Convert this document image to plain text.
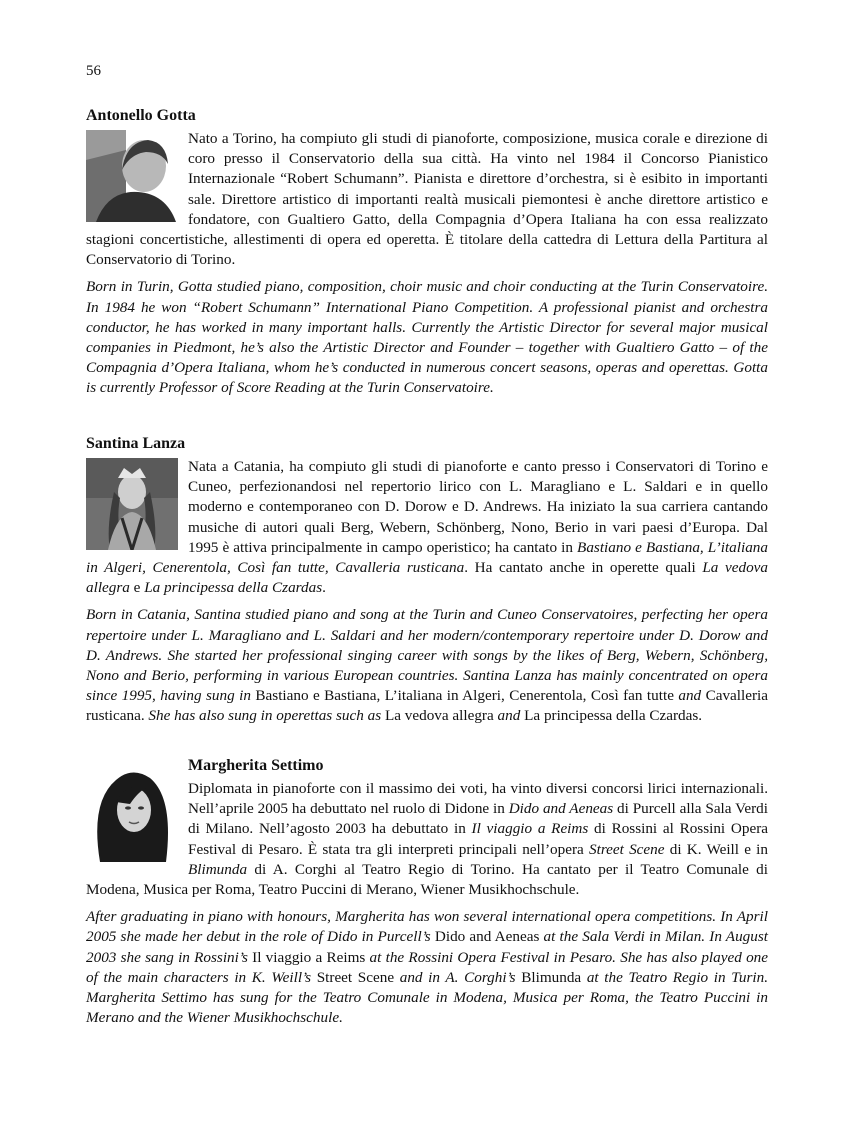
56

Antonello Gotta

Nato a Torino, ha compiuto gli studi di pianoforte, composizione, musica corale e direzione di coro presso il Conservatorio della sua città. Ha vinto nel 1984 il Concorso Pianistico Internazionale “Robert Schumann”. Pianista e direttore d’orchestra, si è esibito in importanti sale. Direttore artistico di importanti realtà musicali piemontesi è anche direttore artistico e fondatore, con Gualtiero Gatto, della Compagnia d’Opera Italiana ha con essa realizzato stagioni concertistiche, allestimenti di opera ed operetta. È titolare della cattedra di Lettura della Partitura al Conservatorio di Torino.

Born in Turin, Gotta studied piano, composition, choir music and choir conducting at the Turin Conservatoire. In 1984 he won “Robert Schumann” International Piano Competition. A professional pianist and orchestra conductor, he has worked in many important halls. Currently the Artistic Director for several major musical companies in Piedmont, he’s also the Artistic Director and Founder – together with Gualtiero Gatto – of the Compagnia d’Opera Italiana, whom he’s conducted in numerous concert seasons, operas and operettas. Gotta is currently Professor of Score Reading at the Turin Conservatoire.

Santina Lanza

Nata a Catania, ha compiuto gli studi di pianoforte e canto presso i Conservatori di Torino e Cuneo, perfezionandosi nel repertorio lirico con L. Maragliano e L. Saldari e in quello moderno e contemporaneo con D. Dorow e D. Andrews. Ha iniziato la sua carriera cantando musiche di autori quali Berg, Webern, Schönberg, Nono, Berio in vari paesi d’Europa. Dal 1995 è attiva principalmente in campo operistico; ha cantato in Bastiano e Bastiana, L’italiana in Algeri, Cenerentola, Così fan tutte, Cavalleria rusticana. Ha cantato anche in operette quali La vedova allegra e La principessa della Czardas.

Born in Catania, Santina studied piano and song at the Turin and Cuneo Conservatoires, perfecting her opera repertoire under L. Maragliano and L. Saldari and her modern/contemporary repertoire under D. Dorow and D. Andrews. She started her professional singing career with songs by the likes of Berg, Webern, Schönberg, Nono and Berio, performing in various European countries. Santina Lanza has mainly concentrated on opera since 1995, having sung in Bastiano e Bastiana, L’italiana in Algeri, Cenerentola, Così fan tutte and Cavalleria rusticana. She has also sung in operettas such as La vedova allegra and La principessa della Czardas.

Margherita Settimo

Diplomata in pianoforte con il massimo dei voti, ha vinto diversi concorsi lirici internazionali. Nell’aprile 2005 ha debuttato nel ruolo di Didone in Dido and Aeneas di Purcell alla Sala Verdi di Milano. Nell’agosto 2003 ha debuttato in Il viaggio a Reims di Rossini al Rossini Opera Festival di Pesaro. È stata tra gli interpreti principali nell’opera Street Scene di K. Weill e in Blimunda di A. Corghi al Teatro Regio di Torino. Ha cantato per il Teatro Comunale di Modena, Musica per Roma, Teatro Puccini di Merano, Wiener Musikhochschule.

After graduating in piano with honours, Margherita has won several international opera competitions. In April 2005 she made her debut in the role of Dido in Purcell’s Dido and Aeneas at the Sala Verdi in Milan. In August 2003 she sang in Rossini’s Il viaggio a Reims at the Rossini Opera Festival in Pesaro. She has also played one of the main characters in K. Weill’s Street Scene and in A. Corghi’s Blimunda at the Teatro Regio in Turin. Margherita Settimo has sung for the Teatro Comunale in Modena, Musica per Roma, the Teatro Puccini in Merano and the Wiener Musikhochschule.
